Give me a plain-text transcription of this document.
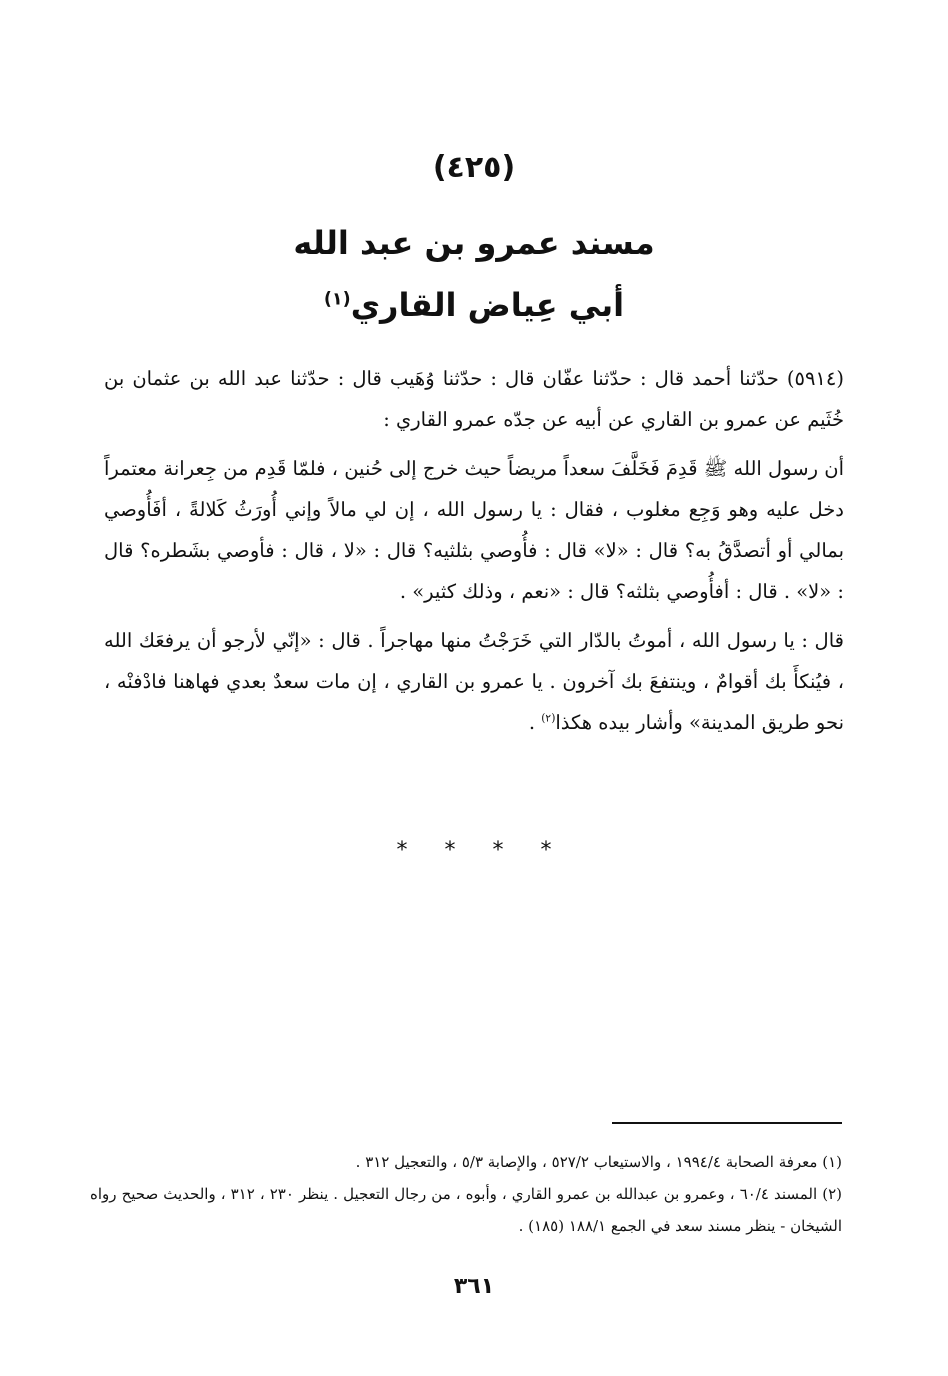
(٤٢٥)
مسند عمرو بن عبد الله
أبي عِياض القاري$^{(١)}$

(٥٩١٤) حدّثنا أحمد قال : حدّثنا عفّان قال : حدّثنا وُهَيب قال : حدّثنا عبد الله بن عثمان بن خُثَيم عن عمرو بن القاري عن أبيه عن جدّه عمرو القاري :

أن رسول الله ﷺ قَدِمَ فَخَلَّفَ سعداً مريضاً حيث خرج إلى حُنين ، فلمّا قَدِم من جِعرانة معتمراً دخل عليه وهو وَجِع مغلوب ، فقال : يا رسول الله ، إن لي مالاً وإني أُورَثُ كَلالةً ، أفَأُوصي بمالي أو أتصدَّقُ به؟ قال : «لا» قال : فأُوصي بثلثيه؟ قال : «لا ، قال : فأوصي بشَطره؟ قال : «لا» . قال : أفأُوصي بثلثه؟ قال : «نعم ، وذلك كثير» .

قال : يا رسول الله ، أموتُ بالدّار التي خَرَجْتُ منها مهاجراً . قال : «إنّي لأرجو أن يرفعَك الله ، فيُنكأَ بك أقوامٌ ، وينتفعَ بك آخرون . يا عمرو بن القاري ، إن مات سعدٌ بعدي فهاهنا فادْفنْه ، نحو طريق المدينة» وأشار بيده هكذا$^{(٢)}$ .

* * * *

(١) معرفة الصحابة ١٩٩٤/٤ ، والاستيعاب ٥٢٧/٢ ، والإصابة ٥/٣ ، والتعجيل ٣١٢ .

(٢) المسند ٦٠/٤ ، وعمرو بن عبدالله بن عمرو القاري ، وأبوه ، من رجال التعجيل . ينظر ٢٣٠ ، ٣١٢ ، والحديث صحيح رواه الشيخان - ينظر مسند سعد في الجمع ١٨٨/١ (١٨٥) .

٣٦١
